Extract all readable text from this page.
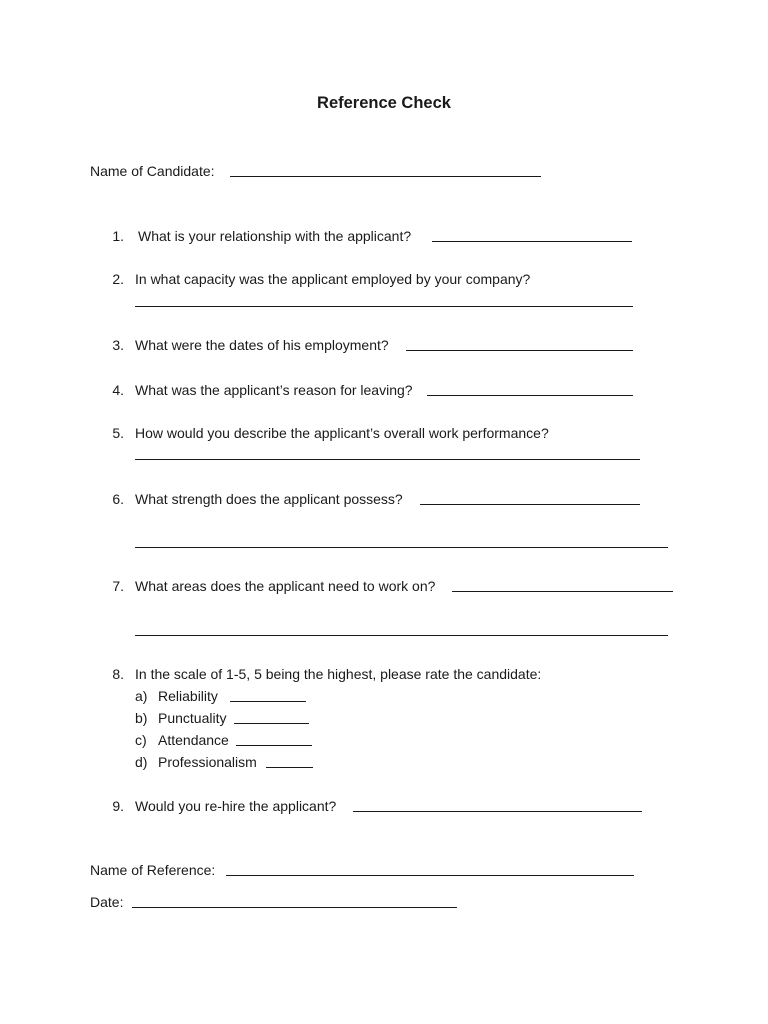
Reference Check
Name of Candidate:
1. What is your relationship with the applicant?
2. In what capacity was the applicant employed by your company?
3. What were the dates of his employment?
4. What was the applicant’s reason for leaving?
5. How would you describe the applicant’s overall work performance?
6. What strength does the applicant possess?
7. What areas does the applicant need to work on?
8. In the scale of 1-5, 5 being the highest, please rate the candidate:
a) Reliability
b) Punctuality
c) Attendance
d) Professionalism
9. Would you re-hire the applicant?
Name of Reference:
Date:
